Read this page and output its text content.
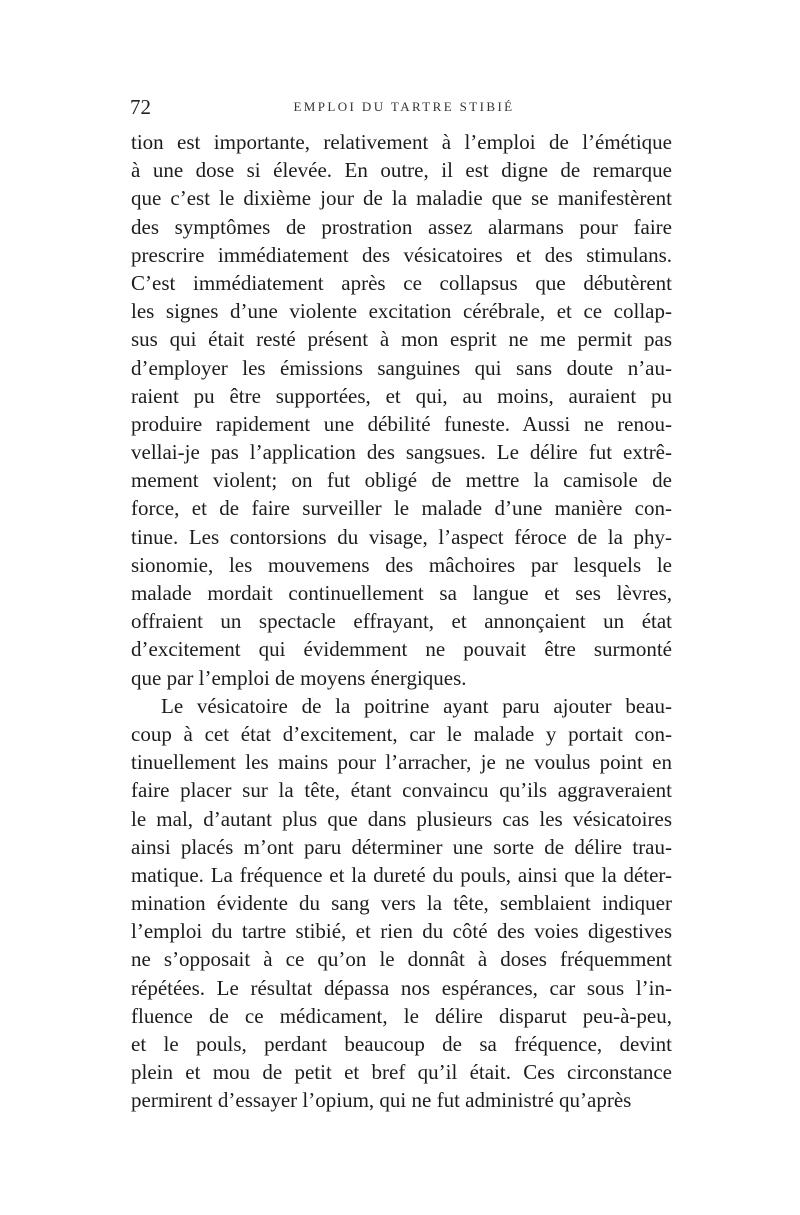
72	EMPLOI DU TARTRE STIBIÉ
tion est importante, relativement à l’emploi de l’émétique
à une dose si élevée. En outre, il est digne de remarque
que c’est le dixième jour de la maladie que se manifestèrent
des symptômes de prostration assez alarmans pour faire
prescrire immédiatement des vésicatoires et des stimulans.
C’est immédiatement après ce collapsus que débutèrent
les signes d’une violente excitation cérébrale, et ce collap-
sus qui était resté présent à mon esprit ne me permit pas
d’employer les émissions sanguines qui sans doute n’au-
raient pu être supportées, et qui, au moins, auraient pu
produire rapidement une débilité funeste. Aussi ne renou-
vellai-je pas l’application des sangsues. Le délire fut extrê-
mement violent; on fut obligé de mettre la camisole de
force, et de faire surveiller le malade d’une manière con-
tinue. Les contorsions du visage, l’aspect féroce de la phy-
sionomie, les mouvemens des mâchoires par lesquels le
malade mordait continuellement sa langue et ses lèvres,
offraient un spectacle effrayant, et annonçaient un état
d’excitement qui évidemment ne pouvait être surmonté
que par l’emploi de moyens énergiques.
Le vésicatoire de la poitrine ayant paru ajouter beau-
coup à cet état d’excitement, car le malade y portait con-
tinuellement les mains pour l’arracher, je ne voulus point en
faire placer sur la tête, étant convaincu qu’ils aggraveraient
le mal, d’autant plus que dans plusieurs cas les vésicatoires
ainsi placés m’ont paru déterminer une sorte de délire trau-
matique. La fréquence et la dureté du pouls, ainsi que la déter-
mination évidente du sang vers la tête, semblaient indiquer
l’emploi du tartre stibié, et rien du côté des voies digestives
ne s’opposait à ce qu’on le donnât à doses fréquemment
répétées. Le résultat dépassa nos espérances, car sous l’in-
fluence de ce médicament, le délire disparut peu-à-peu,
et le pouls, perdant beaucoup de sa fréquence, devint
plein et mou de petit et bref qu’il était. Ces circonstance
permirent d’essayer l’opium, qui ne fut administré qu’après
